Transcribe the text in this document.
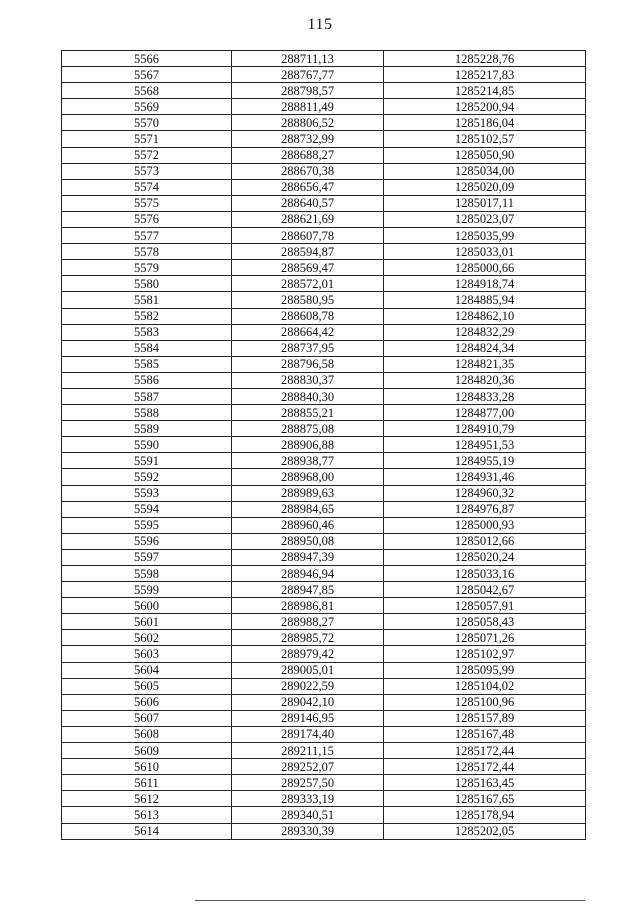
115
5566	288711,13	1285228,76
5567	288767,77	1285217,83
5568	288798,57	1285214,85
5569	288811,49	1285200,94
5570	288806,52	1285186,04
5571	288732,99	1285102,57
5572	288688,27	1285050,90
5573	288670,38	1285034,00
5574	288656,47	1285020,09
5575	288640,57	1285017,11
5576	288621,69	1285023,07
5577	288607,78	1285035,99
5578	288594,87	1285033,01
5579	288569,47	1285000,66
5580	288572,01	1284918,74
5581	288580,95	1284885,94
5582	288608,78	1284862,10
5583	288664,42	1284832,29
5584	288737,95	1284824,34
5585	288796,58	1284821,35
5586	288830,37	1284820,36
5587	288840,30	1284833,28
5588	288855,21	1284877,00
5589	288875,08	1284910,79
5590	288906,88	1284951,53
5591	288938,77	1284955,19
5592	288968,00	1284931,46
5593	288989,63	1284960,32
5594	288984,65	1284976,87
5595	288960,46	1285000,93
5596	288950,08	1285012,66
5597	288947,39	1285020,24
5598	288946,94	1285033,16
5599	288947,85	1285042,67
5600	288986,81	1285057,91
5601	288988,27	1285058,43
5602	288985,72	1285071,26
5603	288979,42	1285102,97
5604	289005,01	1285095,99
5605	289022,59	1285104,02
5606	289042,10	1285100,96
5607	289146,95	1285157,89
5608	289174,40	1285167,48
5609	289211,15	1285172,44
5610	289252,07	1285172,44
5611	289257,50	1285163,45
5612	289333,19	1285167,65
5613	289340,51	1285178,94
5614	289330,39	1285202,05
